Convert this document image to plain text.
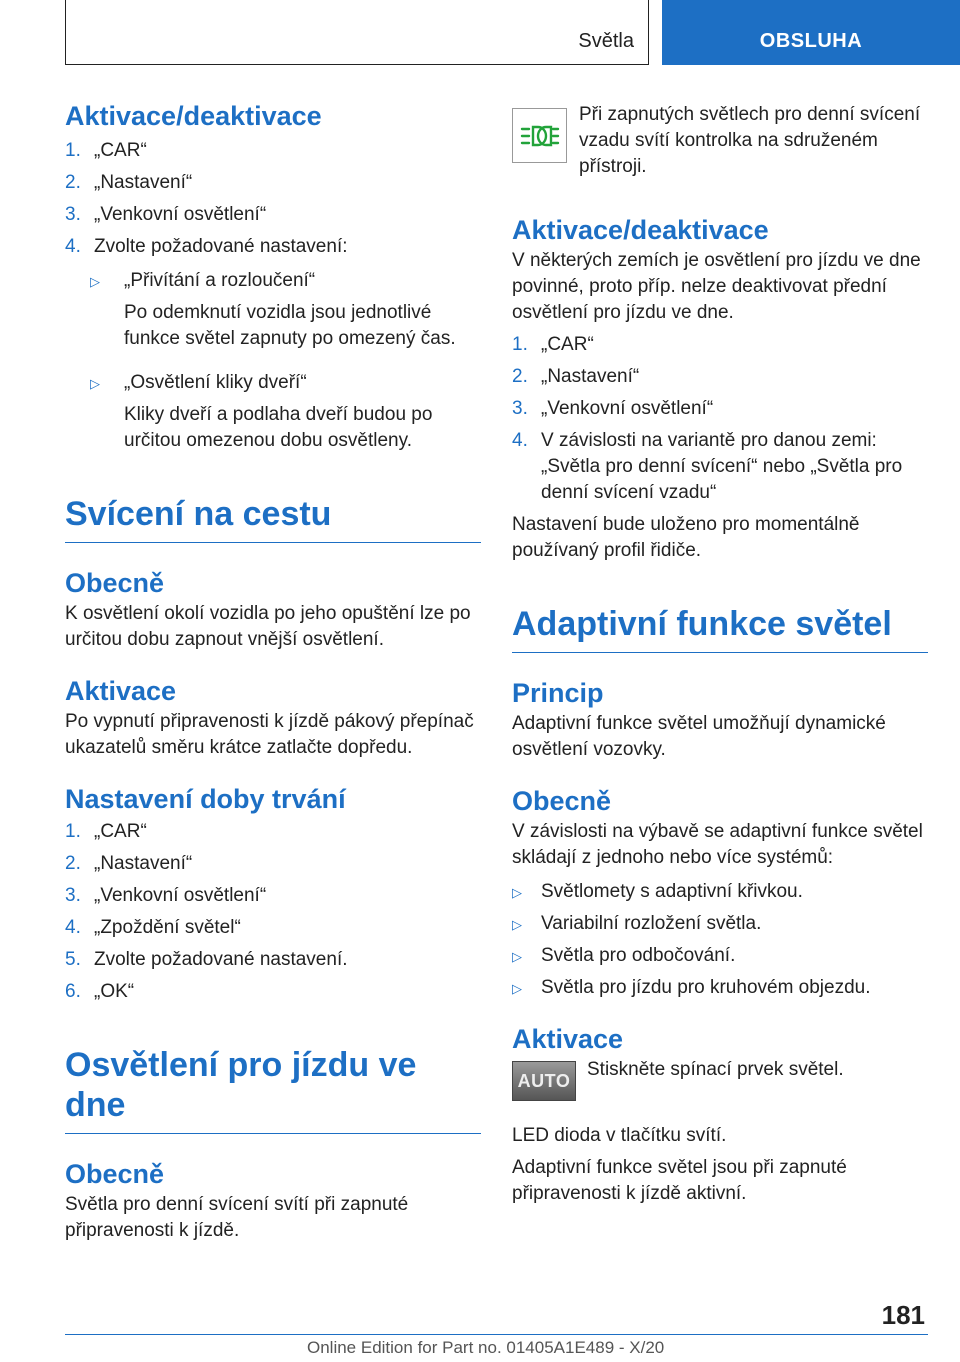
Světla	OBSLUHA
Aktivace/deaktivace
1. „CAR“
2. „Nastavení“
3. „Venkovní osvětlení“
4. Zvolte požadované nastavení:
▷ „Přivítání a rozloučení“
Po odemknutí vozidla jsou jednotlivé funkce světel zapnuty po omezený čas.
▷ „Osvětlení kliky dveří“
Kliky dveří a podlaha dveří budou po určitou omezenou dobu osvětleny.
Svícení na cestu
Obecně

K osvětlení okolí vozidla po jeho opuštění lze po určitou dobu zapnout vnější osvětlení.

Aktivace

Po vypnutí připravenosti k jízdě pákový přepínač ukazatelů směru krátce zatlačte dopředu.

Nastavení doby trvání
1. „CAR“
2. „Nastavení“
3. „Venkovní osvětlení“
4. „Zpoždění světel“
5. Zvolte požadované nastavení.
6. „OK“
Osvětlení pro jízdu ve dne
Obecně

Světla pro denní svícení svítí při zapnuté připravenosti k jízdě.

Při zapnutých světlech pro denní svícení vzadu svítí kontrolka na sdruženém přístroji.
Aktivace/deaktivace

V některých zemích je osvětlení pro jízdu ve dne povinné, proto příp. nelze deaktivovat přední osvětlení pro jízdu ve dne.

1. „CAR“
2. „Nastavení“
3. „Venkovní osvětlení“
4. V závislosti na variantě pro danou zemi: „Světla pro denní svícení“ nebo „Světla pro denní svícení vzadu“

Nastavení bude uloženo pro momentálně používaný profil řidiče.

Adaptivní funkce světel
Princip

Adaptivní funkce světel umožňují dynamické osvětlení vozovky.

Obecně

V závislosti na výbavě se adaptivní funkce světel skládají z jednoho nebo více systémů:

▷ Světlomety s adaptivní křivkou.
▷ Variabilní rozložení světla.
▷ Světla pro odbočování.
▷ Světla pro jízdu pro kruhovém objezdu.
Aktivace
AUTO
Stiskněte spínací prvek světel.

LED dioda v tlačítku svítí.

Adaptivní funkce světel jsou při zapnuté připravenosti k jízdě aktivní.

181
Online Edition for Part no. 01405A1E489 - X/20
